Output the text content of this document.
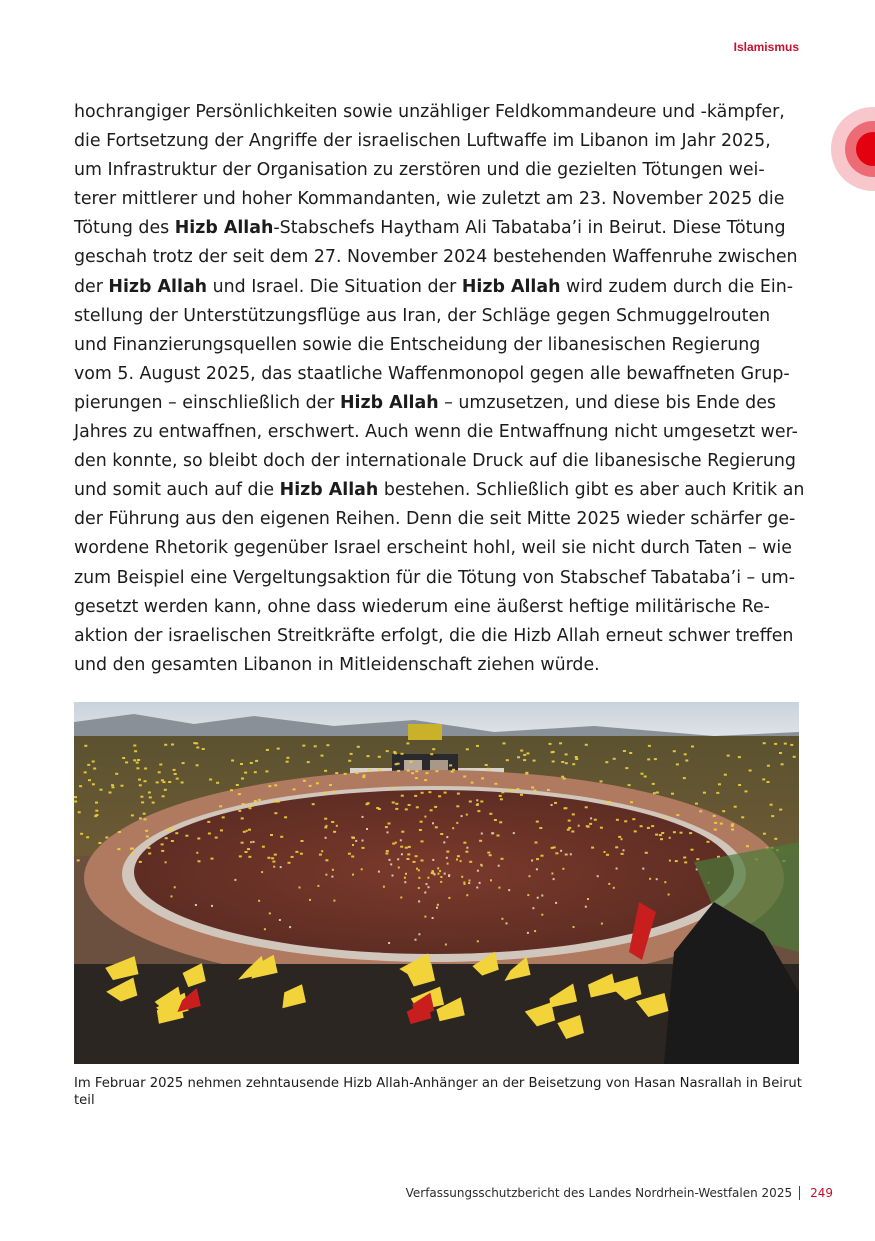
Islamismus
hochrangiger Persönlichkeiten sowie unzähliger Feldkommandeure und -kämpfer,
die Fortsetzung der Angriffe der israelischen Luftwaffe im Libanon im Jahr 2025,
um Infrastruktur der Organisation zu zerstören und die gezielten Tötungen wei-
terer mittlerer und hoher Kommandanten, wie zuletzt am 23. November 2025 die
Tötung des Hizb Allah-Stabschefs Haytham Ali Tabataba’i in Beirut. Diese Tötung
geschah trotz der seit dem 27. November 2024 bestehenden Waffenruhe zwischen
der Hizb Allah und Israel. Die Situation der Hizb Allah wird zudem durch die Ein-
stellung der Unterstützungsflüge aus Iran, der Schläge gegen Schmuggelrouten
und Finanzierungsquellen sowie die Entscheidung der libanesischen Regierung
vom 5. August 2025, das staatliche Waffenmonopol gegen alle bewaffneten Grup-
pierungen – einschließlich der Hizb Allah – umzusetzen, und diese bis Ende des
Jahres zu entwaffnen, erschwert. Auch wenn die Entwaffnung nicht umgesetzt wer-
den konnte, so bleibt doch der internationale Druck auf die libanesische Regierung
und somit auch auf die Hizb Allah bestehen. Schließlich gibt es aber auch Kritik an
der Führung aus den eigenen Reihen. Denn die seit Mitte 2025 wieder schärfer ge-
wordene Rhetorik gegenüber Israel erscheint hohl, weil sie nicht durch Taten – wie
zum Beispiel eine Vergeltungsaktion für die Tötung von Stabschef Tabataba’i – um-
gesetzt werden kann, ohne dass wiederum eine äußerst heftige militärische Re-
aktion der israelischen Streitkräfte erfolgt, die die Hizb Allah erneut schwer treffen
und den gesamten Libanon in Mitleidenschaft ziehen würde.
Im Februar 2025 nehmen zehntausende Hizb Allah-Anhänger an der Beisetzung von Hasan Nasrallah in Beirut teil
Verfassungsschutzbericht des Landes Nordrhein-Westfalen 2025 249
